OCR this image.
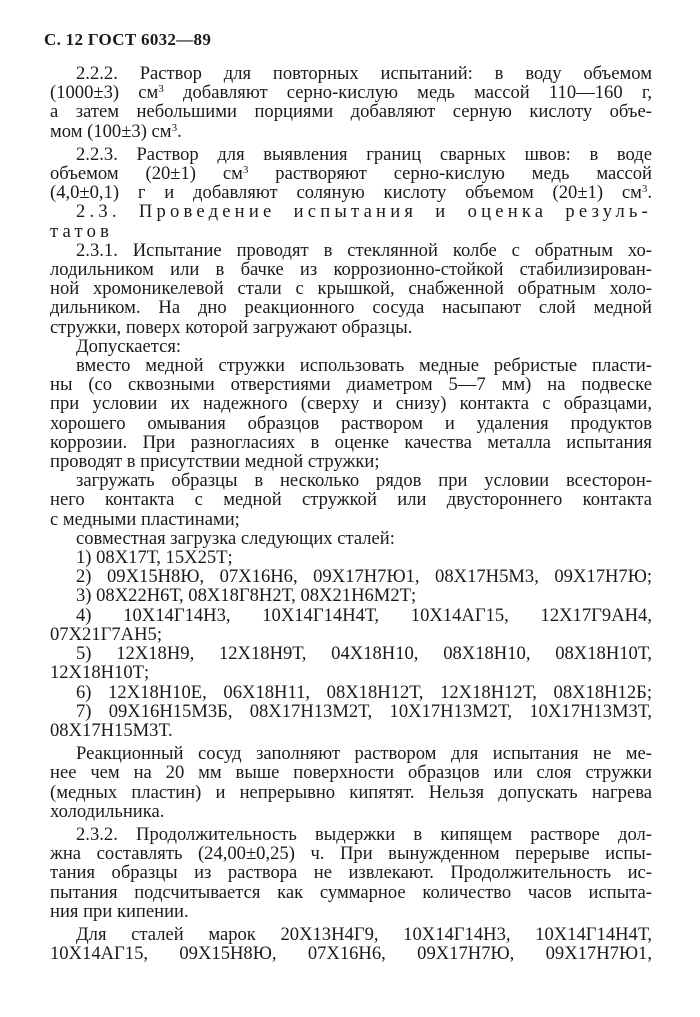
С. 12 ГОСТ 6032—89

2.2.2. Раствор для повторных испытаний: в воду объемом

(1000±3) $см^3$ добавляют серно-кислую медь массой 110—160 г,

а затем небольшими порциями добавляют серную кислоту объе-

мом (100±3) $см^3$.

2.2.3. Раствор для выявления границ сварных швов: в воде

объемом (20±1) $см^3$ растворяют серно-кислую медь массой

(4,0±0,1) г и добавляют соляную кислоту объемом (20±1) $см^3$.

2.3. Проведение испытания и оценка резуль-

татов

2.3.1. Испытание проводят в стеклянной колбе с обратным хо-

лодильником или в бачке из коррозионно-стойкой стабилизирован-

ной хромоникелевой стали с крышкой, снабженной обратным холо-

дильником. На дно реакционного сосуда насыпают слой медной

стружки, поверх которой загружают образцы.

Допускается:

вместо медной стружки использовать медные ребристые пласти-

ны (со сквозными отверстиями диаметром 5—7 мм) на подвеске

при условии их надежного (сверху и снизу) контакта с образцами,

хорошего омывания образцов раствором и удаления продуктов

коррозии. При разногласиях в оценке качества металла испытания

проводят в присутствии медной стружки;

загружать образцы в несколько рядов при условии всесторон-

него контакта с медной стружкой или двустороннего контакта

с медными пластинами;

совместная загрузка следующих сталей:

1) 08Х17Т, 15Х25Т;

2) 09Х15Н8Ю, 07Х16Н6, 09Х17Н7Ю1, 08Х17Н5М3, 09Х17Н7Ю;

3) 08Х22Н6Т, 08Х18Г8Н2Т, 08Х21Н6М2Т;

4) 10Х14Г14Н3, 10Х14Г14Н4Т, 10Х14АГ15, 12Х17Г9АН4,

07Х21Г7АН5;

5) 12Х18Н9, 12Х18Н9Т, 04Х18Н10, 08Х18Н10, 08Х18Н10Т,

12Х18Н10Т;

6) 12Х18Н10Е, 06Х18Н11, 08Х18Н12Т, 12Х18Н12Т, 08Х18Н12Б;

7) 09Х16Н15М3Б, 08Х17Н13М2Т, 10Х17Н13М2Т, 10Х17Н13М3Т,

08Х17Н15М3Т.

Реакционный сосуд заполняют раствором для испытания не ме-

нее чем на 20 мм выше поверхности образцов или слоя стружки

(медных пластин) и непрерывно кипятят. Нельзя допускать нагрева

холодильника.

2.3.2. Продолжительность выдержки в кипящем растворе дол-

жна составлять (24,00±0,25) ч. При вынужденном перерыве испы-

тания образцы из раствора не извлекают. Продолжительность ис-

пытания подсчитывается как суммарное количество часов испыта-

ния при кипении.

Для сталей марок 20Х13Н4Г9, 10Х14Г14Н3, 10Х14Г14Н4Т,

10Х14АГ15, 09Х15Н8Ю, 07Х16Н6, 09Х17Н7Ю, 09Х17Н7Ю1,
